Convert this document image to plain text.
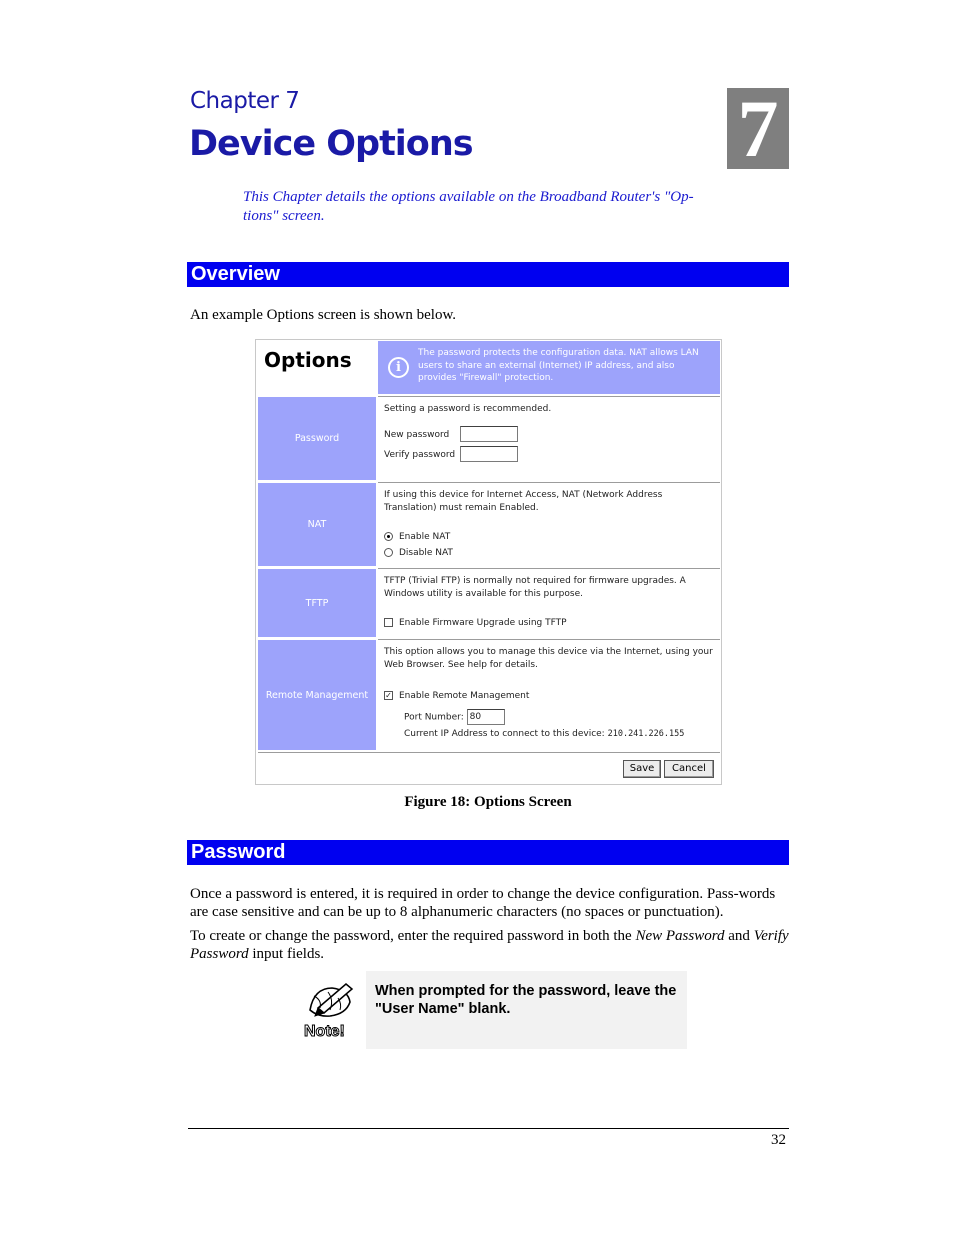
Chapter 7
Device Options	7
This Chapter details the options available on the Broadband Router's "Op-tions" screen.
Overview
An example Options screen is shown below.
Options	i
The password protects the configuration data. NAT allows LAN users to share an external (Internet) IP address, and also provides "Firewall" protection.
Password
Setting a password is recommended.
New password
Verify password
NAT
If using this device for Internet Access, NAT (Network Address Translation) must remain Enabled.
Enable NAT
Disable NAT
TFTP
TFTP (Trivial FTP) is normally not required for firmware upgrades. A Windows utility is available for this purpose.
Enable Firmware Upgrade using TFTP
Remote Management
This option allows you to manage this device via the Internet, using your Web Browser. See help for details.
✓ Enable Remote Management
Port Number: 80
Current IP Address to connect to this device: 210.241.226.155
Save	Cancel
Figure 18: Options Screen
Password
Once a password is entered, it is required in order to change the device configuration. Pass-words are case sensitive and can be up to 8 alphanumeric characters (no spaces or punctuation).
To create or change the password, enter the required password in both the New Password and Verify Password input fields.
Note!
When prompted for the password, leave the "User Name" blank.
32
